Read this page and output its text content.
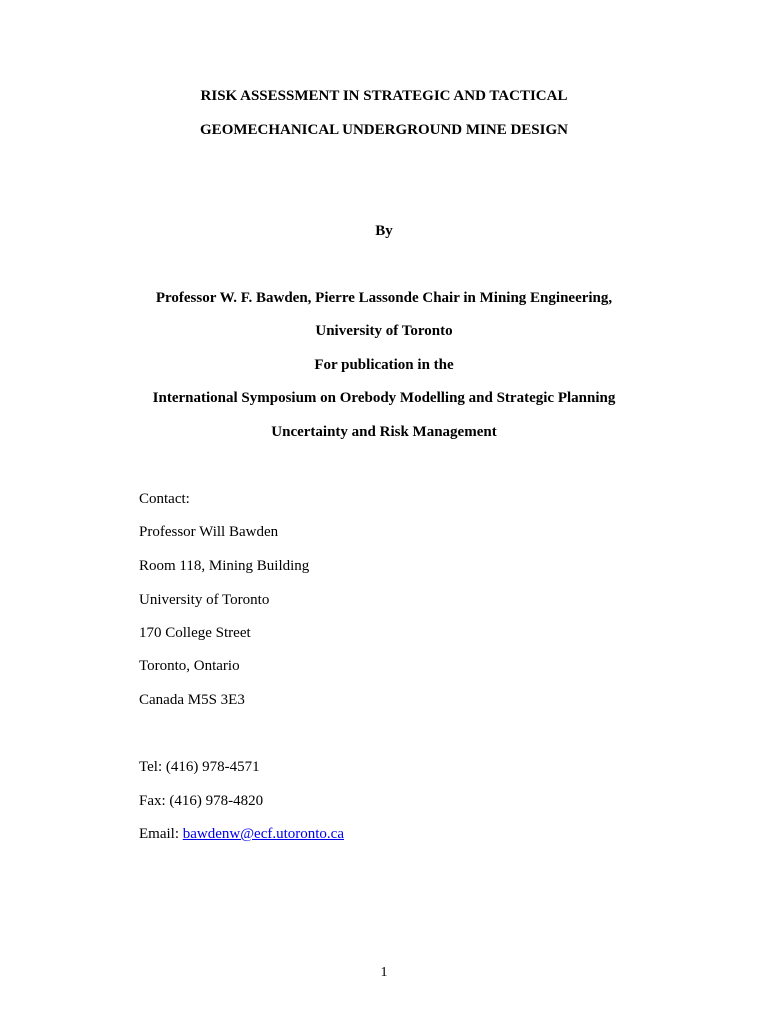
RISK ASSESSMENT IN STRATEGIC AND TACTICAL

GEOMECHANICAL UNDERGROUND MINE DESIGN

By

Professor W. F. Bawden, Pierre Lassonde Chair in Mining Engineering,

University of Toronto

For publication in the

International Symposium on Orebody Modelling and Strategic Planning

Uncertainty and Risk Management

Contact:

Professor Will Bawden

Room 118, Mining Building

University of Toronto

170 College Street

Toronto, Ontario

Canada M5S 3E3

Tel: (416) 978-4571

Fax: (416) 978-4820

Email: bawdenw@ecf.utoronto.ca

1
